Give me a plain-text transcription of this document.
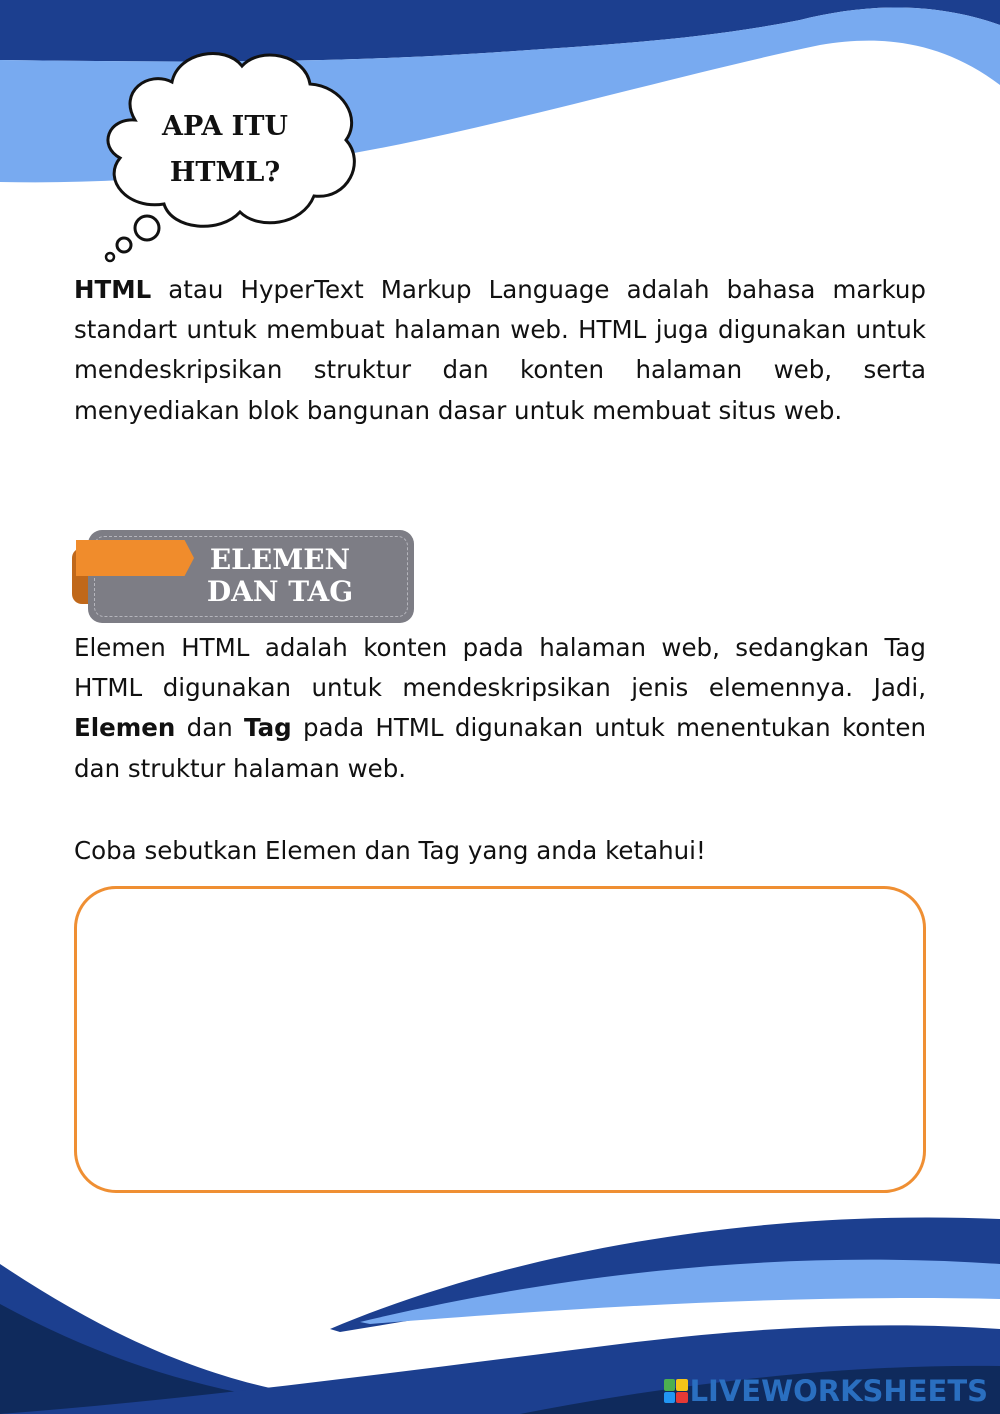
APA ITU
HTML?

HTML atau HyperText Markup Language adalah bahasa markup standart untuk membuat halaman web. HTML juga digunakan untuk mendeskripsikan struktur dan konten halaman web, serta menyediakan blok bangunan dasar untuk membuat situs web.

ELEMEN
DAN TAG

Elemen HTML adalah konten pada halaman web, sedangkan Tag HTML digunakan untuk mendeskripsikan jenis elemennya. Jadi, Elemen dan Tag pada HTML digunakan untuk menentukan konten dan struktur halaman web.

Coba sebutkan Elemen dan Tag yang anda ketahui!

LIVEWORKSHEETS
